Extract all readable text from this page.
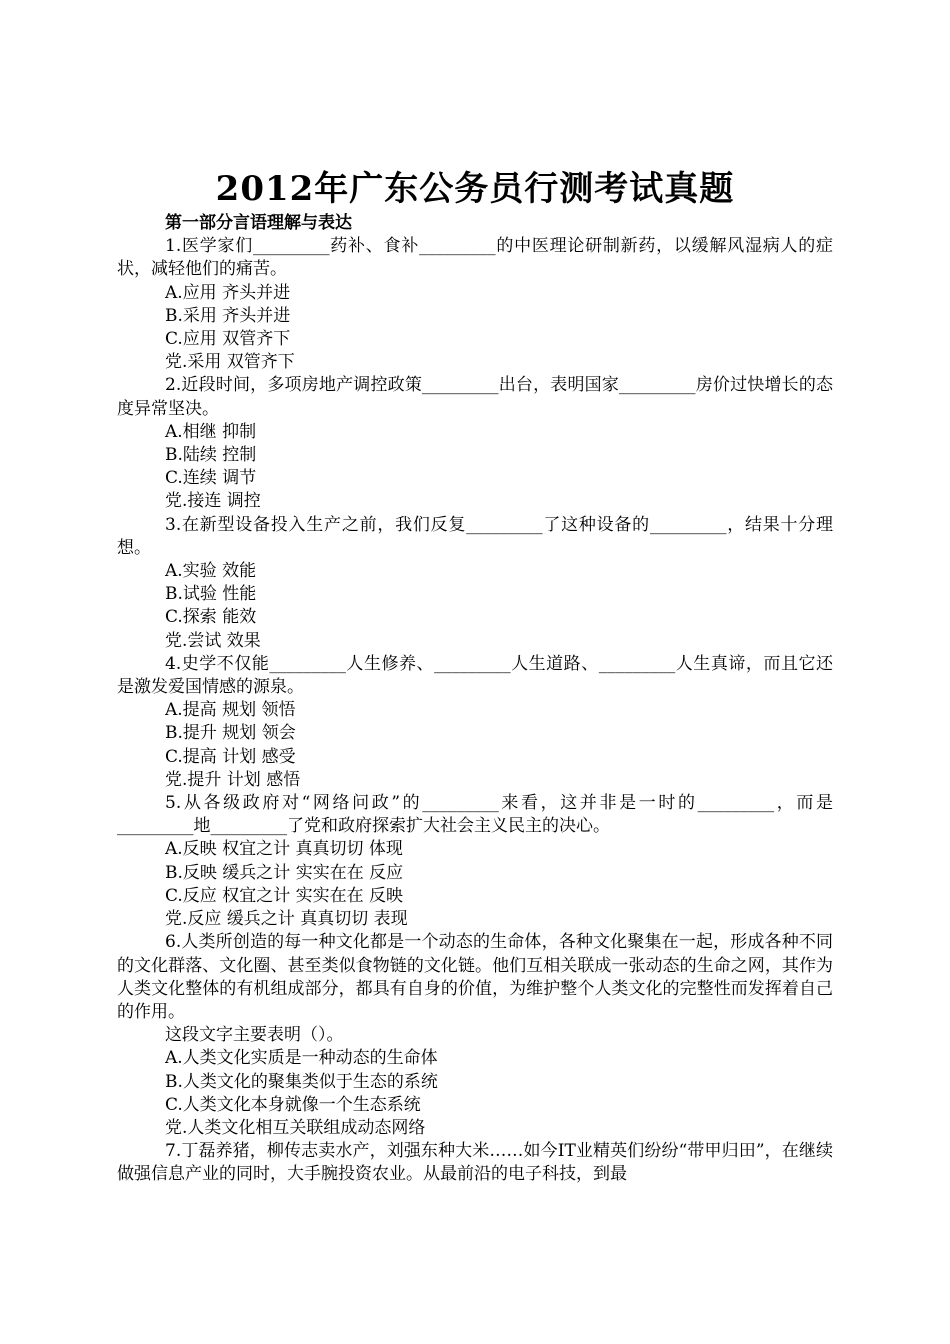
2012年广东公务员行测考试真题

第一部分言语理解与表达

1.医学家们_________药补、食补_________的中医理论研制新药，以缓解风湿病人的症状，减轻他们的痛苦。

A.应用 齐头并进

B.采用 齐头并进

C.应用 双管齐下

党.采用 双管齐下

2.近段时间，多项房地产调控政策_________出台，表明国家_________房价过快增长的态度异常坚决。

A.相继 抑制

B.陆续 控制

C.连续 调节

党.接连 调控

3.在新型设备投入生产之前，我们反复_________了这种设备的_________，结果十分理想。

A.实验 效能

B.试验 性能

C.探索 能效

党.尝试 效果

4.史学不仅能_________人生修养、_________人生道路、_________人生真谛，而且它还是激发爱国情感的源泉。

A.提高 规划 领悟

B.提升 规划 领会

C.提高 计划 感受

党.提升 计划 感悟

5.从各级政府对“网络问政”的_________来看，这并非是一时的_________，而是_________地_________了党和政府探索扩大社会主义民主的决心。

A.反映 权宜之计 真真切切 体现

B.反映 缓兵之计 实实在在 反应

C.反应 权宜之计 实实在在 反映

党.反应 缓兵之计 真真切切 表现

6.人类所创造的每一种文化都是一个动态的生命体，各种文化聚集在一起，形成各种不同的文化群落、文化圈、甚至类似食物链的文化链。他们互相关联成一张动态的生命之网，其作为人类文化整体的有机组成部分，都具有自身的价值，为维护整个人类文化的完整性而发挥着自己的作用。

这段文字主要表明（）。

A.人类文化实质是一种动态的生命体

B.人类文化的聚集类似于生态的系统

C.人类文化本身就像一个生态系统

党.人类文化相互关联组成动态网络

7.丁磊养猪，柳传志卖水产，刘强东种大米……如今IT业精英们纷纷“带甲归田”，在继续做强信息产业的同时，大手腕投资农业。从最前沿的电子科技，到最
